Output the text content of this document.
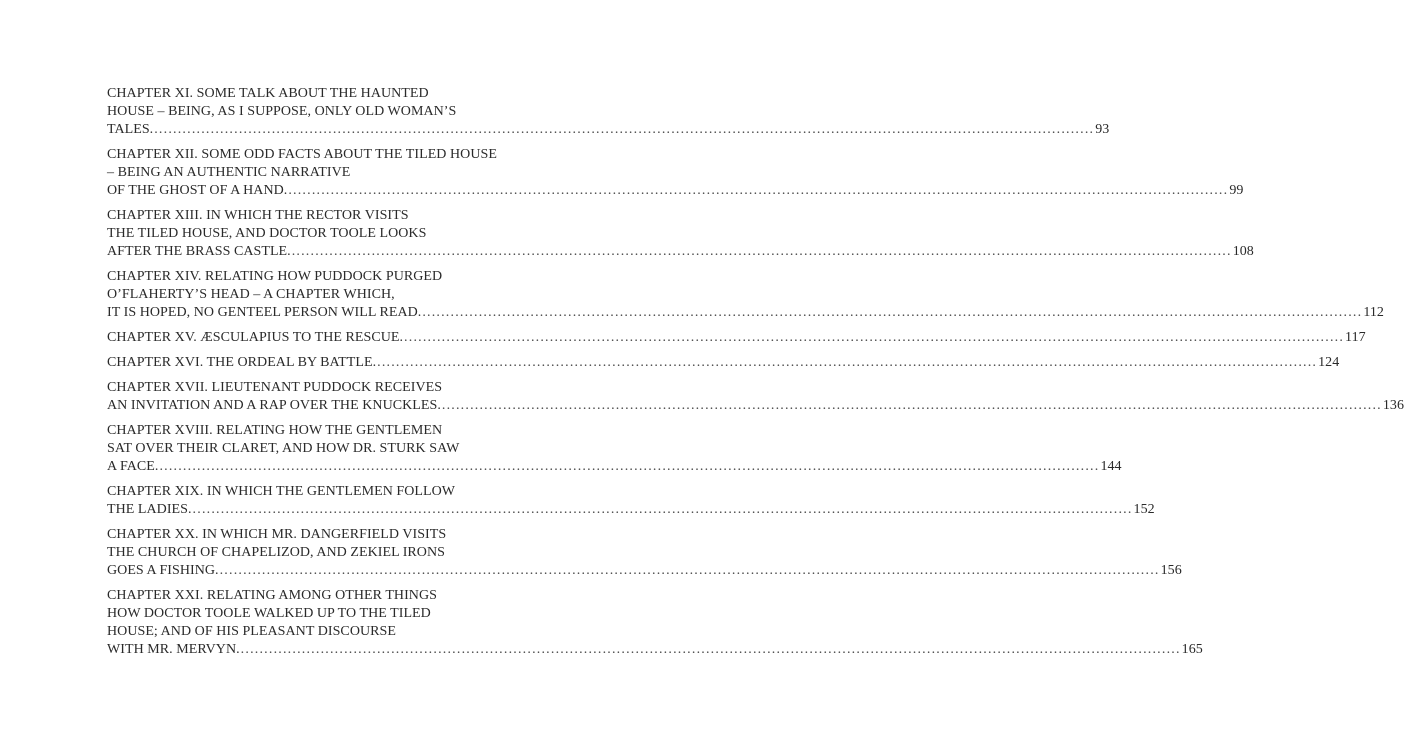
CHAPTER XI. SOME TALK ABOUT THE HAUNTED
HOUSE – BEING, AS I SUPPOSE, ONLY OLD WOMAN’S
TALES. ........................................................................................................................................................................................................ 93
CHAPTER XII. SOME ODD FACTS ABOUT THE TILED HOUSE
– BEING AN AUTHENTIC NARRATIVE
OF THE GHOST OF A HAND. ........................................................................................................................................................................................................ 99
CHAPTER XIII. IN WHICH THE RECTOR VISITS
THE TILED HOUSE, AND DOCTOR TOOLE LOOKS
AFTER THE BRASS CASTLE. ........................................................................................................................................................................................................ 108
CHAPTER XIV. RELATING HOW PUDDOCK PURGED
O’FLAHERTY’S HEAD – A CHAPTER WHICH,
IT IS HOPED, NO GENTEEL PERSON WILL READ. ........................................................................................................................................................................................................ 112
CHAPTER XV. ÆSCULAPIUS TO THE RESCUE. ........................................................................................................................................................................................................ 117
CHAPTER XVI. THE ORDEAL BY BATTLE. ........................................................................................................................................................................................................ 124
CHAPTER XVII. LIEUTENANT PUDDOCK RECEIVES
AN INVITATION AND A RAP OVER THE KNUCKLES. ........................................................................................................................................................................................................ 136
CHAPTER XVIII. RELATING HOW THE GENTLEMEN
SAT OVER THEIR CLARET, AND HOW DR. STURK SAW
A FACE. ........................................................................................................................................................................................................ 144
CHAPTER XIX. IN WHICH THE GENTLEMEN FOLLOW
THE LADIES. ........................................................................................................................................................................................................ 152
CHAPTER XX. IN WHICH MR. DANGERFIELD VISITS
THE CHURCH OF CHAPELIZOD, AND ZEKIEL IRONS
GOES A FISHING. ........................................................................................................................................................................................................ 156
CHAPTER XXI. RELATING AMONG OTHER THINGS
HOW DOCTOR TOOLE WALKED UP TO THE TILED
HOUSE; AND OF HIS PLEASANT DISCOURSE
WITH MR. MERVYN. ........................................................................................................................................................................................................ 165
